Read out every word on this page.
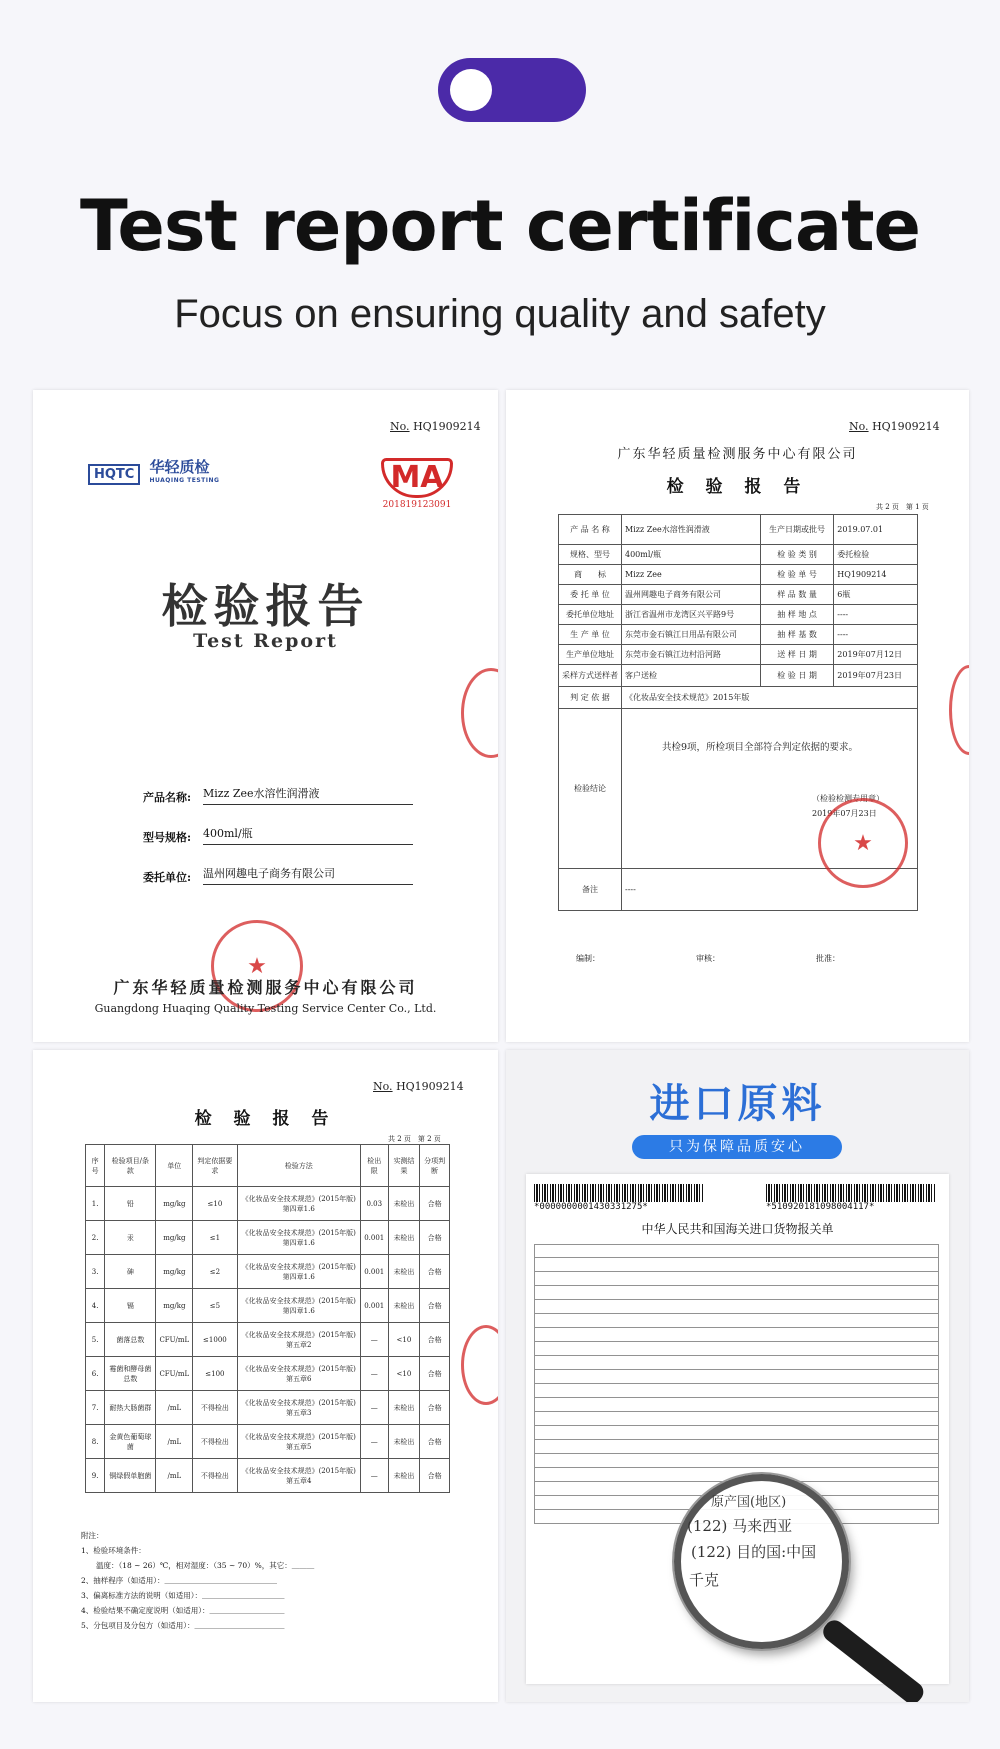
Test report certificate
Focus on ensuring quality and safety
No. HQ1909214
HQTC 华轻质检
HUAQING TESTING	MA
201819123091
检验报告
Test Report
产品名称:	Mizz Zee水溶性润滑液
型号规格:	400ml/瓶
委托单位:	温州网趣电子商务有限公司
★
广东华轻质量检测服务中心有限公司
Guangdong Huaqing Quality Testing Service Center Co., Ltd.
No. HQ1909214
广东华轻质量检测服务中心有限公司
检 验 报 告
共 2 页　第 1 页
产 品 名 称	Mizz Zee水溶性润滑液	生产日期或批号	2019.07.01
规格、型号	400ml/瓶	检 验 类 别	委托检验
商　　标	Mizz Zee	检 验 单 号	HQ1909214
委 托 单 位	温州网趣电子商务有限公司	样 品 数 量	6瓶
委托单位地址	浙江省温州市龙湾区兴平路9号	抽 样 地 点	----
生 产 单 位	东莞市金石镇江日用品有限公司	抽 样 基 数	----
生产单位地址	东莞市金石镇江边村沿河路	送 样 日 期	2019年07月12日
采样方式送样者	客户送检	检 验 日 期	2019年07月23日
判 定 依 据	《化妆品安全技术规范》2015年版		
检验结论	共检9项，所检项目全部符合判定依据的要求。
（检验检测专用章）
2019年07月23日		

备注	----		
★
编制：	审核：	批准：
No. HQ1909214
检 验 报 告
共 2 页　第 2 页
序号	检验项目/条款	单位	判定依据要求	检验方法	检出限	实测结果	分项判断
1.	铅	mg/kg	≤10	《化妆品安全技术规范》(2015年版) 第四章1.6	0.03	未检出	合格
2.	汞	mg/kg	≤1	《化妆品安全技术规范》(2015年版) 第四章1.6	0.001	未检出	合格
3.	砷	mg/kg	≤2	《化妆品安全技术规范》(2015年版) 第四章1.6	0.001	未检出	合格
4.	镉	mg/kg	≤5	《化妆品安全技术规范》(2015年版) 第四章1.6	0.001	未检出	合格
5.	菌落总数	CFU/mL	≤1000	《化妆品安全技术规范》(2015年版) 第五章2	—	<10	合格
6.	霉菌和酵母菌总数	CFU/mL	≤100	《化妆品安全技术规范》(2015年版) 第五章6	—	<10	合格
7.	耐热大肠菌群	/mL	不得检出	《化妆品安全技术规范》(2015年版) 第五章3	—	未检出	合格
8.	金黄色葡萄球菌	/mL	不得检出	《化妆品安全技术规范》(2015年版) 第五章5	—	未检出	合格
9.	铜绿假单胞菌	/mL	不得检出	《化妆品安全技术规范》(2015年版) 第五章4	—	未检出	合格
附注：
1、检验环境条件：
　　温度：（18 ~ 26）℃，相对湿度：（35 ~ 70）%，其它：＿＿＿
2、抽样程序（如适用）：＿＿＿＿＿＿＿＿＿＿＿＿＿＿＿
3、偏离标准方法的说明（如适用）：＿＿＿＿＿＿＿＿＿＿＿
4、检验结果不确定度说明（如适用）：＿＿＿＿＿＿＿＿＿＿
5、分包项目及分包方（如适用）：＿＿＿＿＿＿＿＿＿＿＿＿
进口原料
只为保障品质安心
*0000000001430331275*	*510920181098004117*
中华人民共和国海关进口货物报关单
原产国(地区)
(122) 马来西亚
(122) 目的国:中国
千克
